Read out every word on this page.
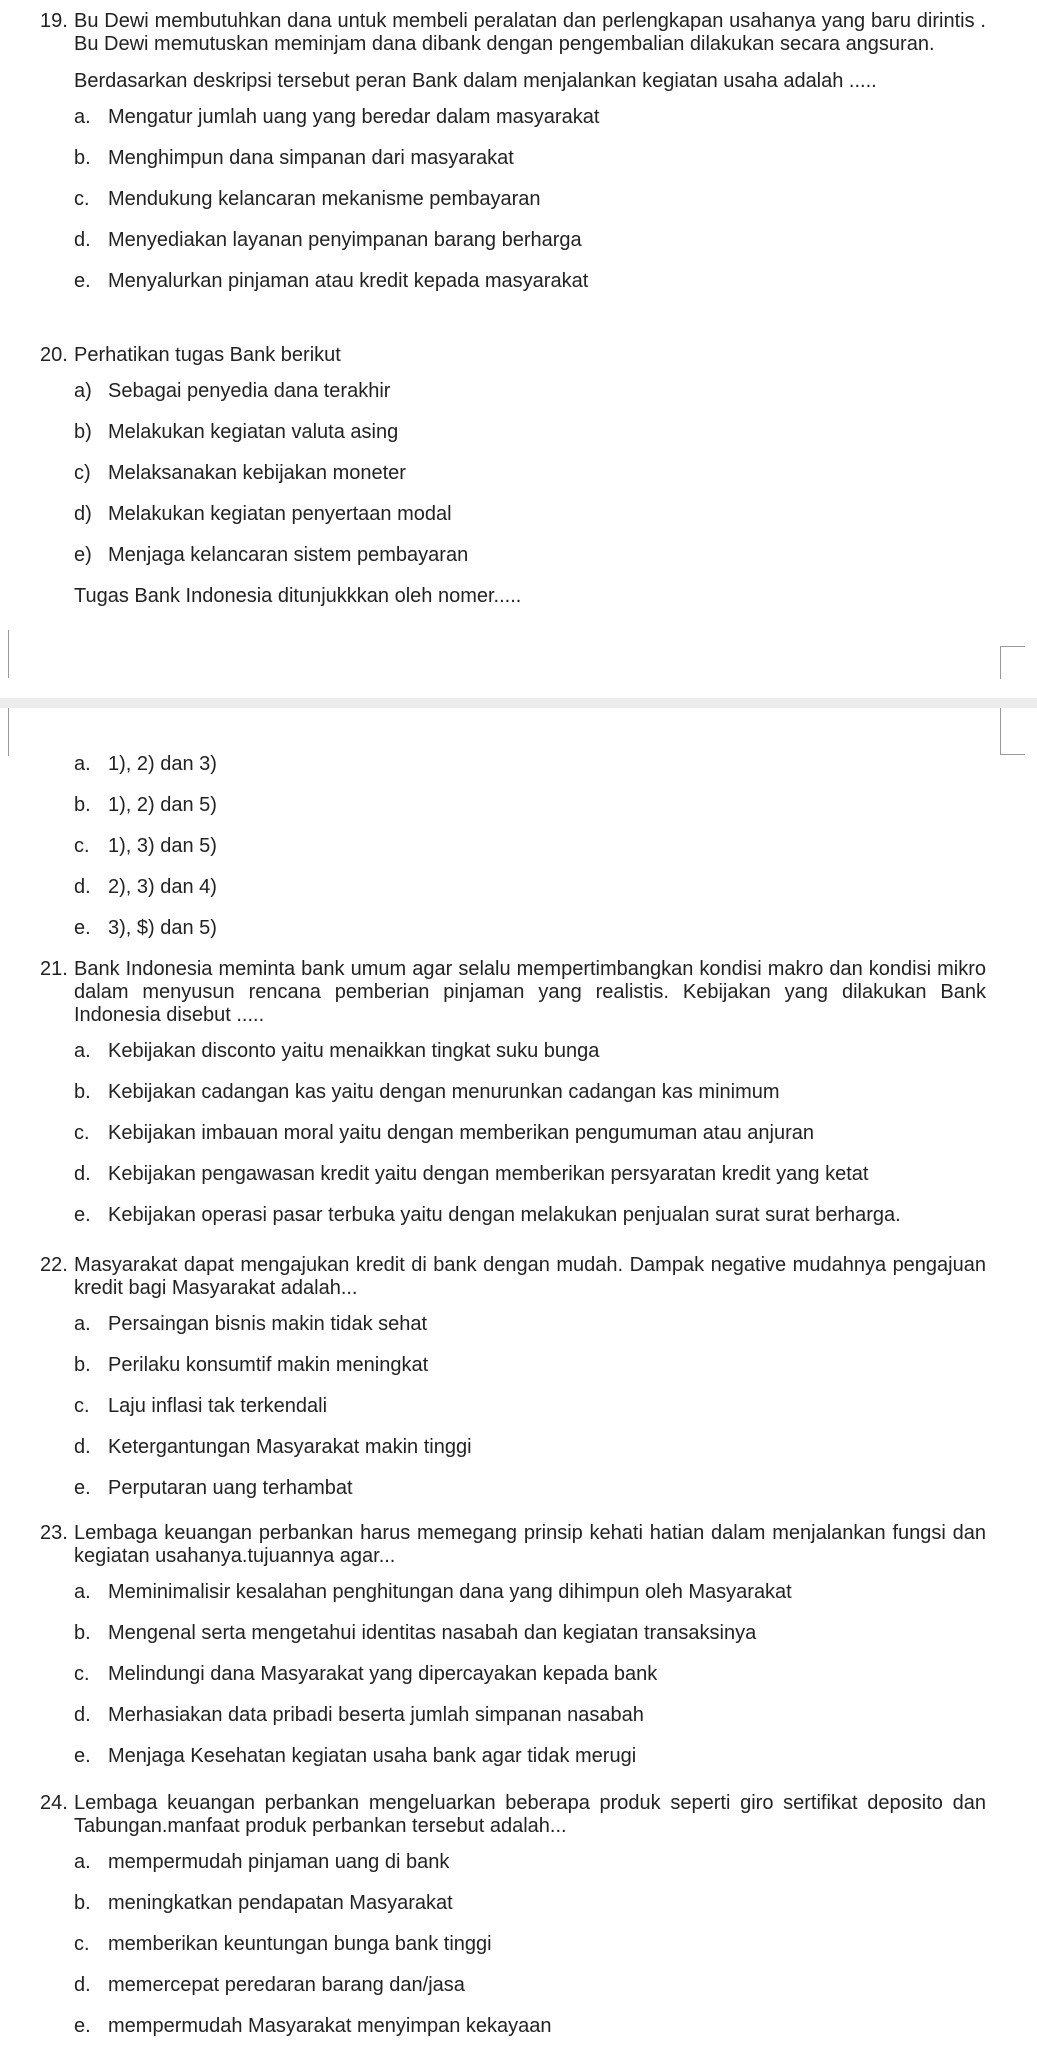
19. Bu Dewi membutuhkan dana untuk membeli peralatan dan perlengkapan usahanya yang baru dirintis . Bu Dewi memutuskan meminjam dana dibank dengan pengembalian dilakukan secara angsuran.
Berdasarkan deskripsi tersebut peran Bank dalam menjalankan kegiatan usaha adalah .....
a. Mengatur jumlah uang yang beredar dalam masyarakat
b. Menghimpun dana simpanan dari masyarakat
c. Mendukung kelancaran mekanisme pembayaran
d. Menyediakan layanan penyimpanan barang berharga
e. Menyalurkan pinjaman atau kredit kepada masyarakat
20. Perhatikan tugas Bank berikut
a) Sebagai penyedia dana terakhir
b) Melakukan kegiatan valuta asing
c) Melaksanakan kebijakan moneter
d) Melakukan kegiatan penyertaan modal
e) Menjaga kelancaran sistem pembayaran
Tugas Bank Indonesia ditunjukkkan oleh nomer.....
a. 1), 2) dan 3)
b. 1), 2) dan 5)
c. 1), 3) dan 5)
d. 2), 3) dan 4)
e. 3), $) dan 5)
21. Bank Indonesia meminta bank umum agar selalu mempertimbangkan kondisi makro dan kondisi mikro dalam menyusun rencana pemberian pinjaman yang realistis. Kebijakan yang dilakukan Bank Indonesia disebut .....
a. Kebijakan disconto yaitu menaikkan tingkat suku bunga
b. Kebijakan cadangan kas yaitu dengan menurunkan cadangan kas minimum
c. Kebijakan imbauan moral yaitu dengan memberikan pengumuman atau anjuran
d. Kebijakan pengawasan kredit yaitu dengan memberikan persyaratan kredit yang ketat
e. Kebijakan operasi pasar terbuka yaitu dengan melakukan penjualan surat surat berharga.
22. Masyarakat dapat mengajukan kredit di bank dengan mudah. Dampak negative mudahnya pengajuan kredit bagi Masyarakat adalah...
a. Persaingan bisnis makin tidak sehat
b. Perilaku konsumtif makin meningkat
c. Laju inflasi tak terkendali
d. Ketergantungan Masyarakat makin tinggi
e. Perputaran uang terhambat
23. Lembaga keuangan perbankan harus memegang prinsip kehati hatian dalam menjalankan fungsi dan kegiatan usahanya.tujuannya agar...
a. Meminimalisir kesalahan penghitungan dana yang dihimpun oleh Masyarakat
b. Mengenal serta mengetahui identitas nasabah dan kegiatan transaksinya
c. Melindungi dana Masyarakat yang dipercayakan kepada bank
d. Merhasiakan data pribadi beserta jumlah simpanan nasabah
e. Menjaga Kesehatan kegiatan usaha bank agar tidak merugi
24. Lembaga keuangan perbankan mengeluarkan beberapa produk seperti giro sertifikat deposito dan Tabungan.manfaat produk perbankan tersebut adalah...
a. mempermudah pinjaman uang di bank
b. meningkatkan pendapatan Masyarakat
c. memberikan keuntungan bunga bank tinggi
d. memercepat peredaran barang dan/jasa
e. mempermudah Masyarakat menyimpan kekayaan
